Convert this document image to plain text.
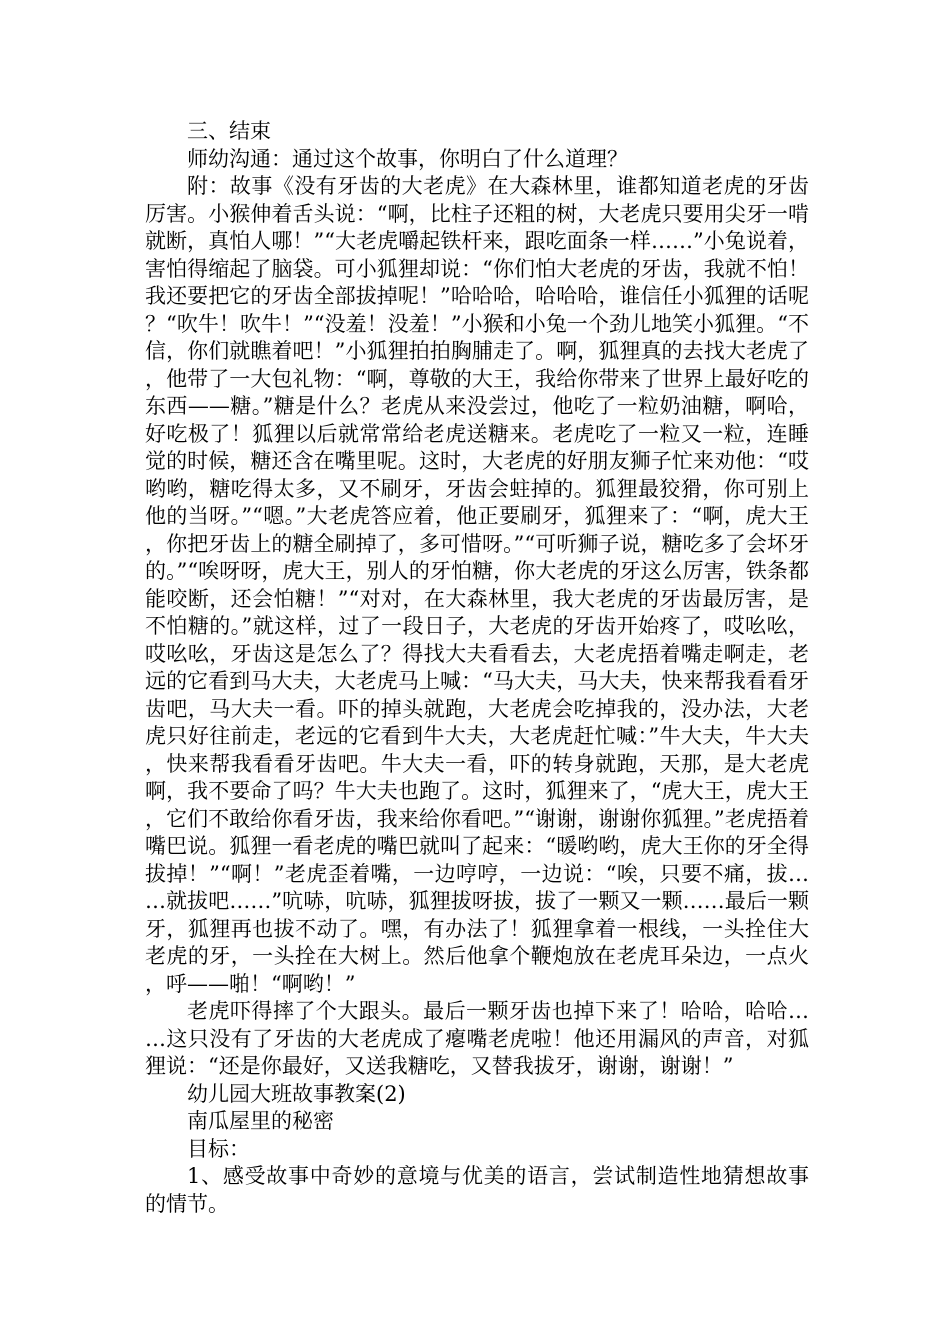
三、结束

师幼沟通：通过这个故事，你明白了什么道理？

附：故事《没有牙齿的大老虎》在大森林里，谁都知道老虎的牙齿厉害。小猴伸着舌头说：“啊，比柱子还粗的树，大老虎只要用尖牙一啃就断，真怕人哪！”“大老虎嚼起铁杆来，跟吃面条一样……”小兔说着，害怕得缩起了脑袋。可小狐狸却说：“你们怕大老虎的牙齿，我就不怕！我还要把它的牙齿全部拔掉呢！”哈哈哈，哈哈哈，谁信任小狐狸的话呢？“吹牛！吹牛！”“没羞！没羞！”小猴和小兔一个劲儿地笑小狐狸。“不信，你们就瞧着吧！”小狐狸拍拍胸脯走了。啊，狐狸真的去找大老虎了，他带了一大包礼物：“啊，尊敬的大王，我给你带来了世界上最好吃的东西——糖。”糖是什么？老虎从来没尝过，他吃了一粒奶油糖，啊哈，好吃极了！狐狸以后就常常给老虎送糖来。老虎吃了一粒又一粒，连睡觉的时候，糖还含在嘴里呢。这时，大老虎的好朋友狮子忙来劝他：“哎哟哟，糖吃得太多，又不刷牙，牙齿会蛀掉的。狐狸最狡猾，你可别上他的当呀。”“嗯。”大老虎答应着，他正要刷牙，狐狸来了：“啊，虎大王，你把牙齿上的糖全刷掉了，多可惜呀。”“可听狮子说，糖吃多了会坏牙的。”“唉呀呀，虎大王，别人的牙怕糖，你大老虎的牙这么厉害，铁条都能咬断，还会怕糖！”“对对，在大森林里，我大老虎的牙齿最厉害，是不怕糖的。”就这样，过了一段日子，大老虎的牙齿开始疼了，哎吆吆，哎吆吆，牙齿这是怎么了？得找大夫看看去，大老虎捂着嘴走啊走，老远的它看到马大夫，大老虎马上喊：“马大夫，马大夫，快来帮我看看牙齿吧，马大夫一看。吓的掉头就跑，大老虎会吃掉我的，没办法，大老虎只好往前走，老远的它看到牛大夫，大老虎赶忙喊：”牛大夫，牛大夫，快来帮我看看牙齿吧。牛大夫一看，吓的转身就跑，天那，是大老虎啊，我不要命了吗？牛大夫也跑了。这时，狐狸来了，“虎大王，虎大王，它们不敢给你看牙齿，我来给你看吧。”“谢谢，谢谢你狐狸。”老虎捂着嘴巴说。狐狸一看老虎的嘴巴就叫了起来：“暖哟哟，虎大王你的牙全得拔掉！”“啊！”老虎歪着嘴，一边哼哼，一边说：“唉，只要不痛，拔……就拔吧……”吭哧，吭哧，狐狸拔呀拔，拔了一颗又一颗……最后一颗牙，狐狸再也拔不动了。嘿，有办法了！狐狸拿着一根线，一头拴住大老虎的牙，一头拴在大树上。然后他拿个鞭炮放在老虎耳朵边，一点火，呼——啪！“啊哟！”

老虎吓得摔了个大跟头。最后一颗牙齿也掉下来了！哈哈，哈哈……这只没有了牙齿的大老虎成了瘪嘴老虎啦！他还用漏风的声音，对狐狸说：“还是你最好，又送我糖吃，又替我拔牙，谢谢，谢谢！”

幼儿园大班故事教案(2)

南瓜屋里的秘密

目标：

1、感受故事中奇妙的意境与优美的语言，尝试制造性地猜想故事的情节。
